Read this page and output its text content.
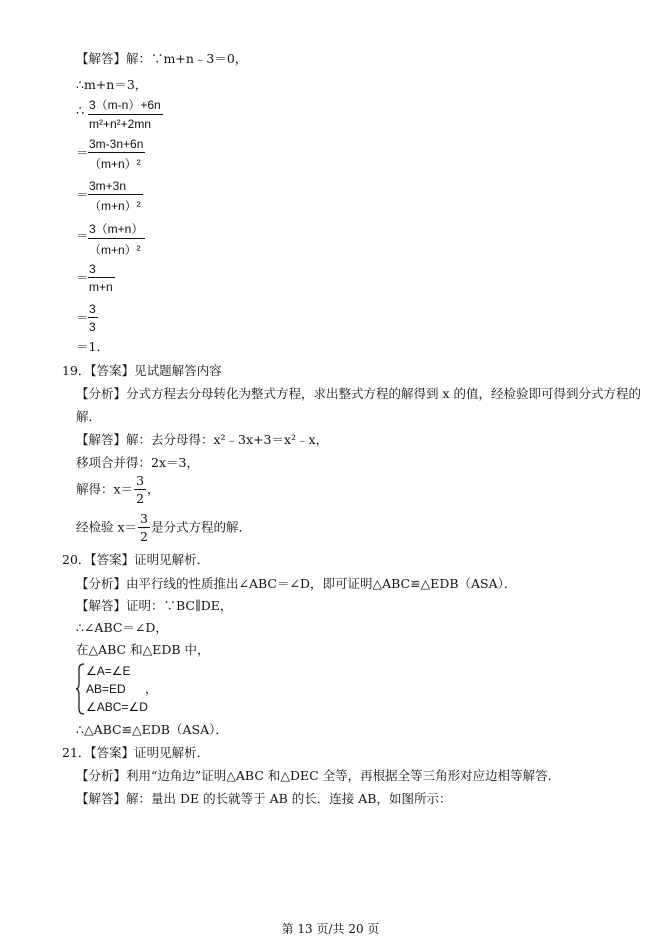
【解答】解：∵m+n﹣3＝0，
∴m+n＝3，
∴ $\frac{3(m-n)+6n}{\text{m²+n²+2mn}}$
＝ $\frac{3m-3n+6n}{\text{（m+n）²}}$
＝ $\frac{3m+3n}{\text{（m+n）²}}$
＝ $\frac{3(m+n)}{\text{（m+n）²}}$
＝ $\frac{3}{m+n}$
＝ $\frac{3}{3}$
＝1．
19．【答案】见试题解答内容
【分析】分式方程去分母转化为整式方程，求出整式方程的解得到 x 的值，经检验即可得到分式方程的
解．
【解答】解：去分母得：x²﹣3x+3＝x²﹣x，
移项合并得：2x＝3，
解得：$x= \frac{3}{2}$ ，
经检验 $x= \frac{3}{2}$ 是分式方程的解．
20．【答案】证明见解析．
【分析】由平行线的性质推出∠ABC＝∠D，即可证明△ABC≌△EDB（ASA）．
【解答】证明：∵BC∥DE，
∴∠ABC＝∠D，
在△ABC 和△EDB 中，
∠A=∠E
AB=ED
∠ABC=∠D
，
∴△ABC≌△EDB（ASA）．
21．【答案】证明见解析．
【分析】利用“边角边”证明△ABC 和△DEC 全等，再根据全等三角形对应边相等解答．
【解答】解：量出 DE 的长就等于 AB 的长．连接 AB，如图所示：
第 13 页/共 20 页
